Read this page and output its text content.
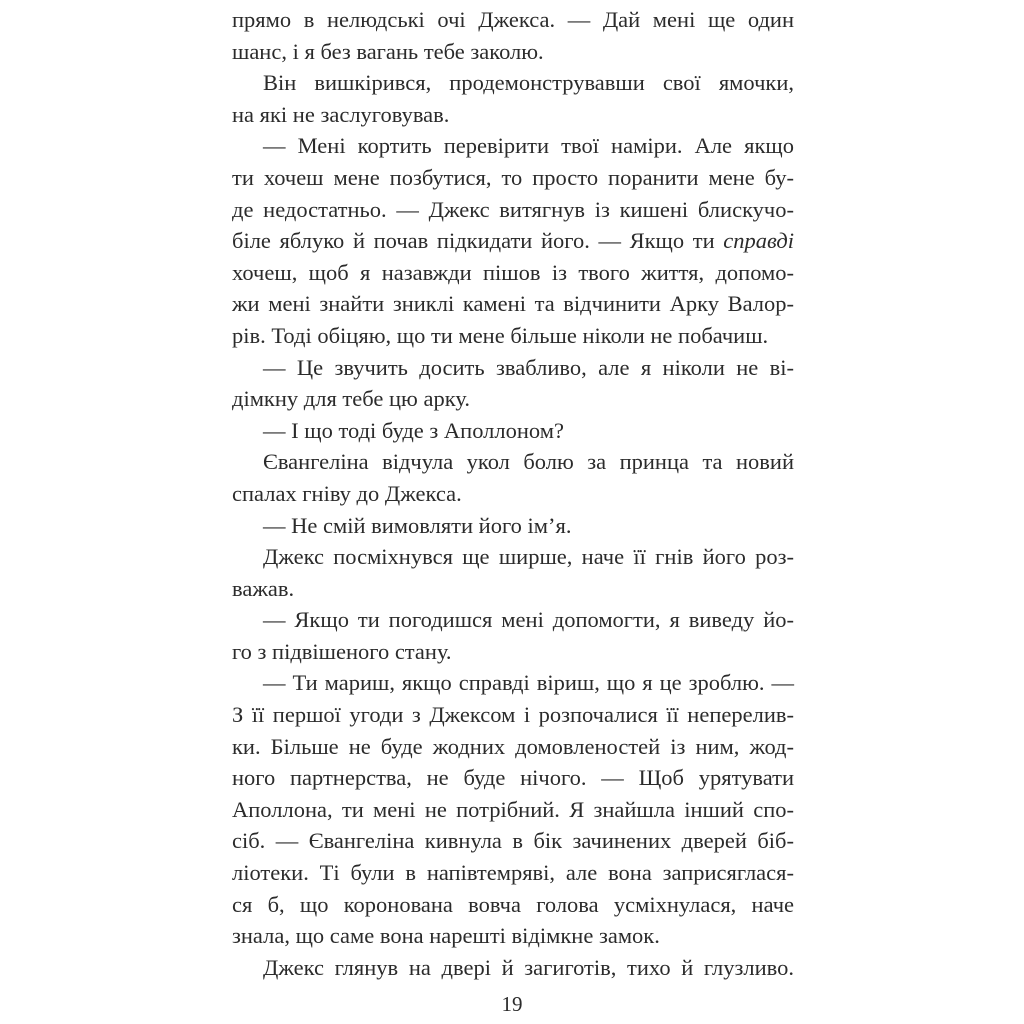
прямо в нелюдські очі Джекса. — Дай мені ще один
шанс, і я без вагань тебе заколю.
Він вишкірився, продемонструвавши свої ямочки,
на які не заслуговував.
— Мені кортить перевірити твої наміри. Але якщо
ти хочеш мене позбутися, то просто поранити мене бу-
де недостатньо. — Джекс витягнув із кишені блискучо-
біле яблуко й почав підкидати його. — Якщо ти справді
хочеш, щоб я назавжди пішов із твого життя, допомо-
жи мені знайти зниклі камені та відчинити Арку Валор-
рів. Тоді обіцяю, що ти мене більше ніколи не побачиш.
— Це звучить досить звабливо, але я ніколи не ві-
дімкну для тебе цю арку.
— І що тоді буде з Аполлоном?
Євангеліна відчула укол болю за принца та новий
спалах гніву до Джекса.
— Не смій вимовляти його ім’я.
Джекс посміхнувся ще ширше, наче її гнів його роз-
важав.
— Якщо ти погодишся мені допомогти, я виведу йо-
го з підвішеного стану.
— Ти мариш, якщо справді віриш, що я це зроблю. —
З її першої угоди з Джексом і розпочалися її неперелив-
ки. Більше не буде жодних домовленостей із ним, жод-
ного партнерства, не буде нічого. — Щоб урятувати
Аполлона, ти мені не потрібний. Я знайшла інший спо-
сіб. — Євангеліна кивнула в бік зачинених дверей біб-
ліотеки. Ті були в напівтемряві, але вона заприсяглася-
ся б, що коронована вовча голова усміхнулася, наче
знала, що саме вона нарешті відімкне замок.
Джекс глянув на двері й загиготів, тихо й глузливо.
19
